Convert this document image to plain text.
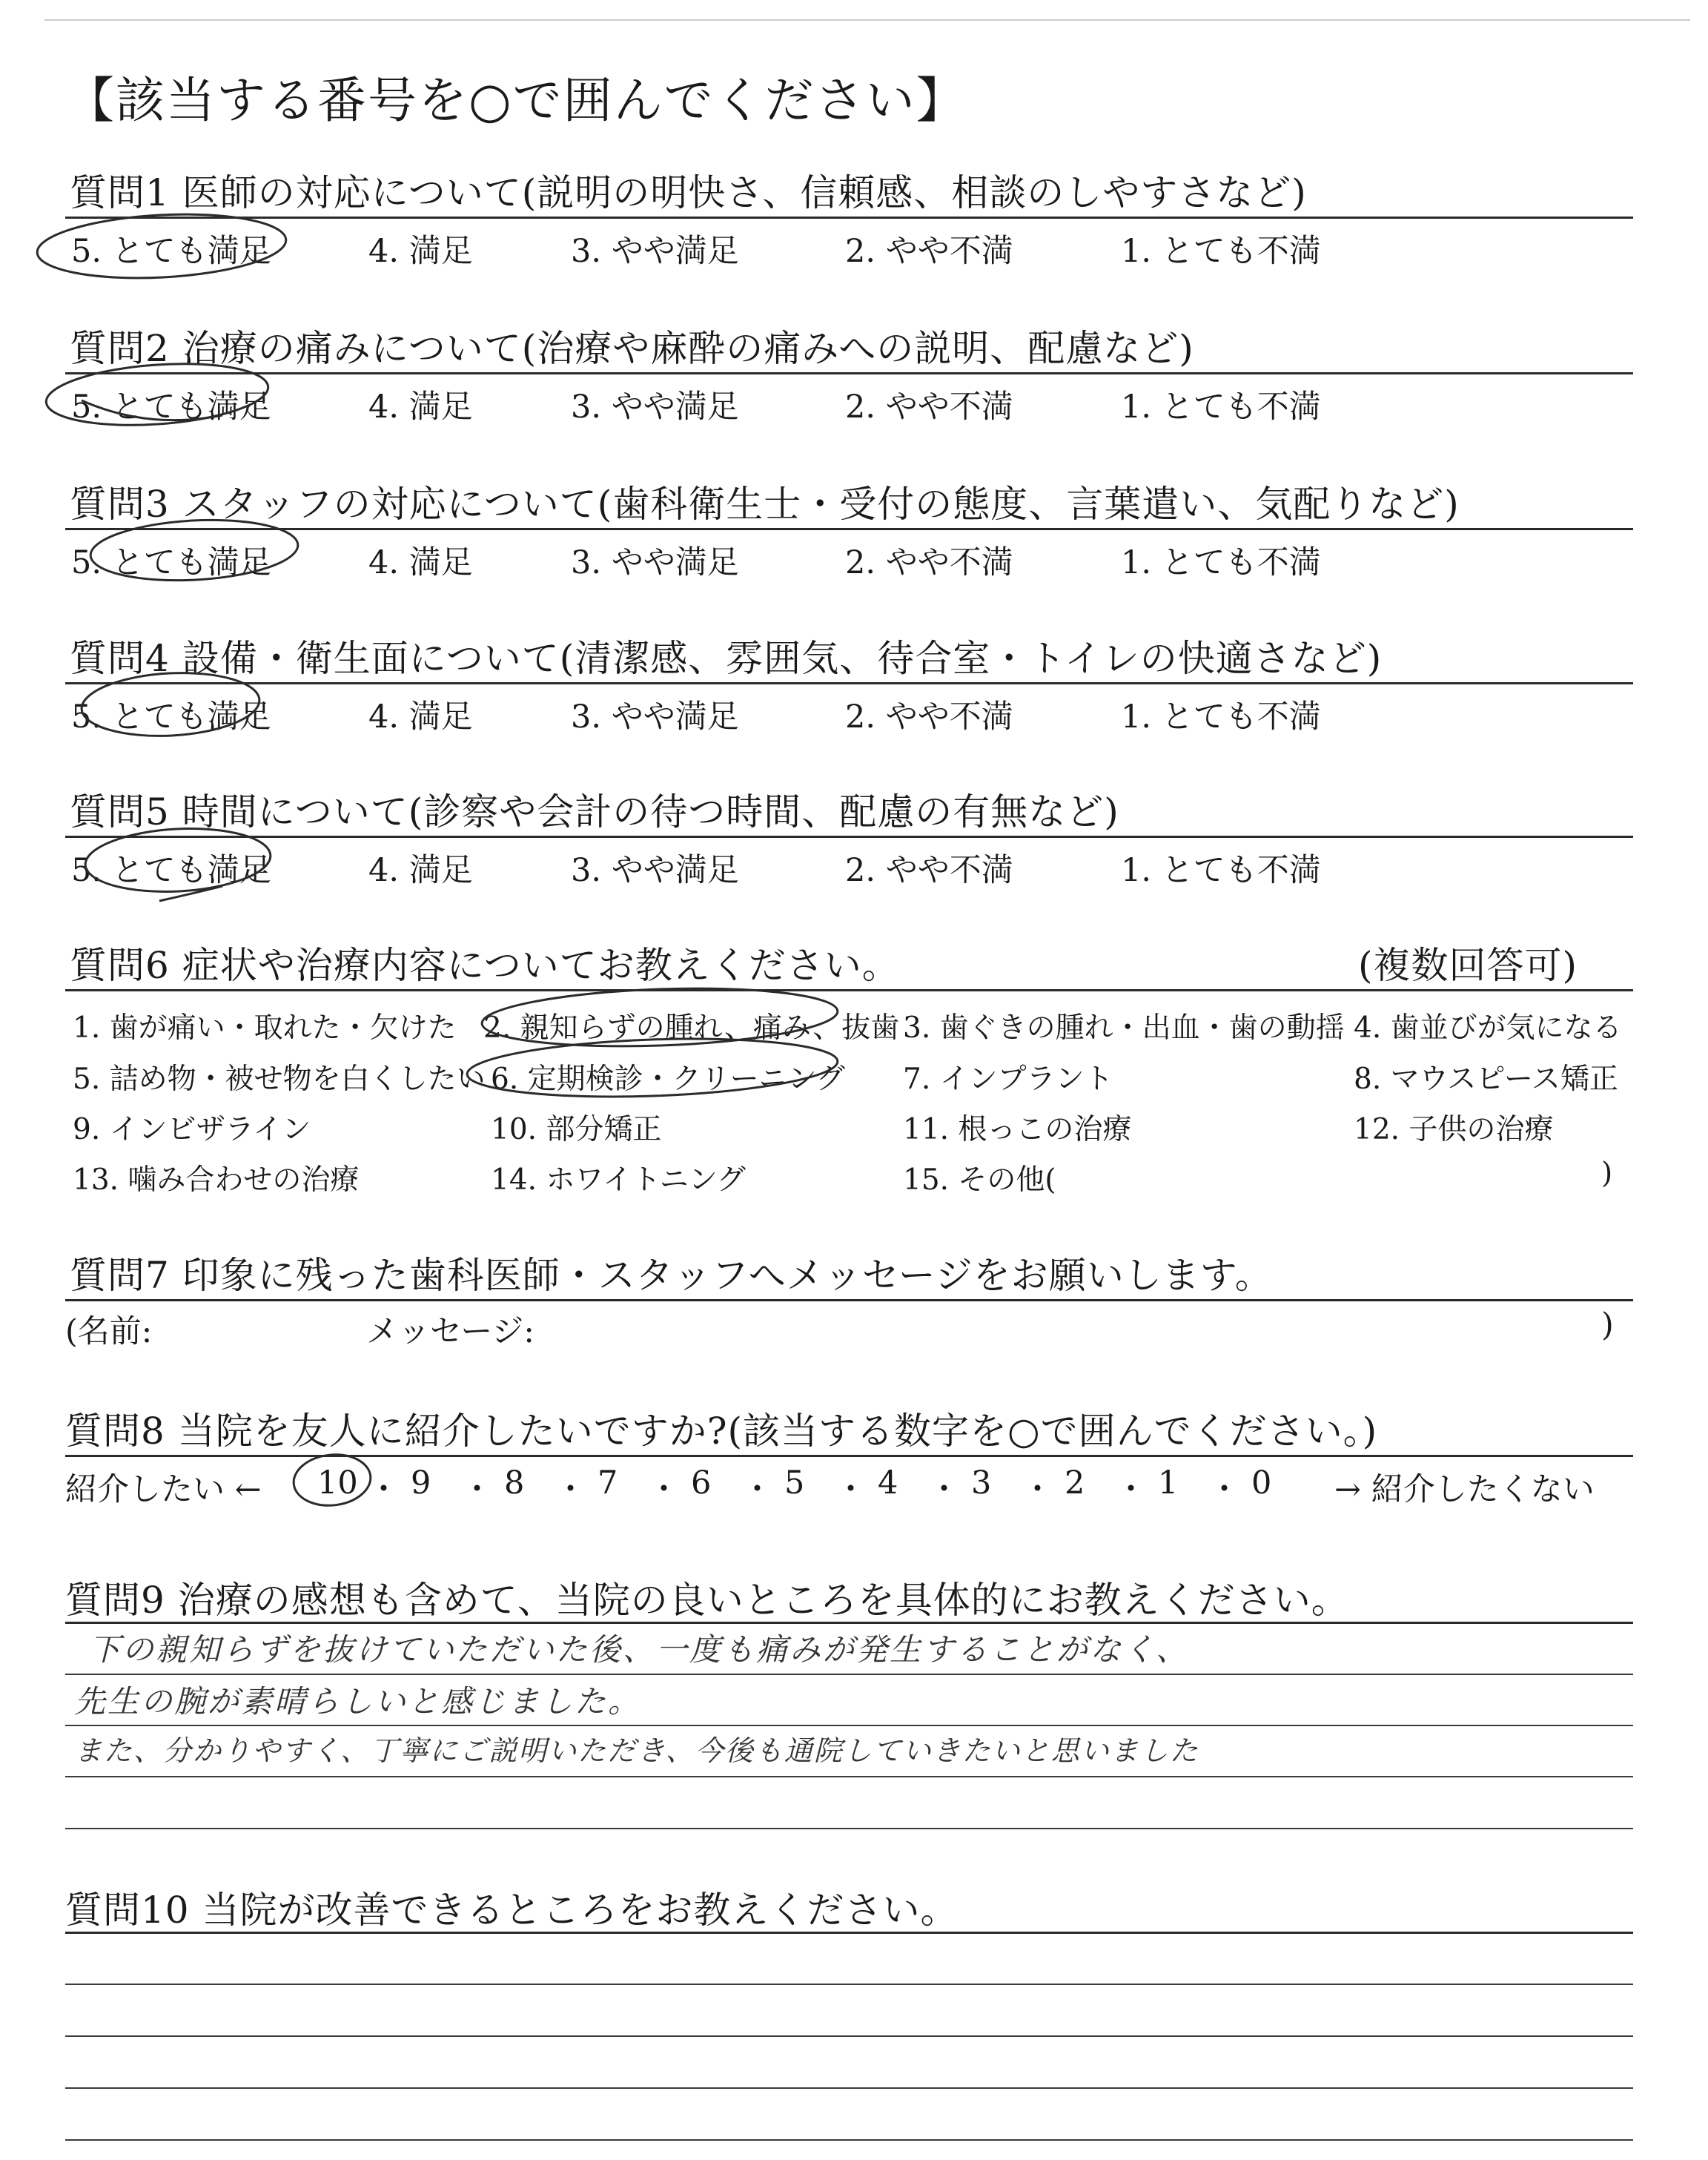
【該当する番号を○で囲んでください】
質問1 医師の対応について(説明の明快さ、信頼感、相談のしやすさなど)
5. とても満足	4. 満足	3. やや満足	2. やや不満	1. とても不満
質問2 治療の痛みについて(治療や麻酔の痛みへの説明、配慮など)
5. とても満足	4. 満足	3. やや満足	2. やや不満	1. とても不満
質問3 スタッフの対応について(歯科衛生士・受付の態度、言葉遣い、気配りなど)
5. とても満足	4. 満足	3. やや満足	2. やや不満	1. とても不満
質問4 設備・衛生面について(清潔感、雰囲気、待合室・トイレの快適さなど)
5. とても満足	4. 満足	3. やや満足	2. やや不満	1. とても不満
質問5 時間について(診察や会計の待つ時間、配慮の有無など)
5. とても満足	4. 満足	3. やや満足	2. やや不満	1. とても不満
質問6 症状や治療内容についてお教えください。	(複数回答可)
1. 歯が痛い・取れた・欠けた 2. 親知らずの腫れ、痛み、抜歯 3. 歯ぐきの腫れ・出血・歯の動揺 4. 歯並びが気になる
5. 詰め物・被せ物を白くしたい 6. 定期検診・クリーニング 7. インプラント	8. マウスピース矯正
9. インビザライン	10. 部分矯正	11. 根っこの治療	12. 子供の治療
13. 噛み合わせの治療	14. ホワイトニング	15. その他(	)
質問7 印象に残った歯科医師・スタッフへメッセージをお願いします。
(名前:	メッセージ:	)
質問8 当院を友人に紹介したいですか?(該当する数字を○で囲んでください。)
紹介したい ← 10 ・ 9 ・ 8 ・ 7 ・ 6 ・ 5 ・ 4 ・ 3 ・ 2 ・ 1 ・ 0 → 紹介したくない
質問9 治療の感想も含めて、当院の良いところを具体的にお教えください。
下の親知らずを抜けていただいた後、一度も痛みが発生することがなく、
先生の腕が素晴らしいと感じました。
また、分かりやすく、丁寧にご説明いただき、今後も通院していきたいと思いました
質問10 当院が改善できるところをお教えください。
